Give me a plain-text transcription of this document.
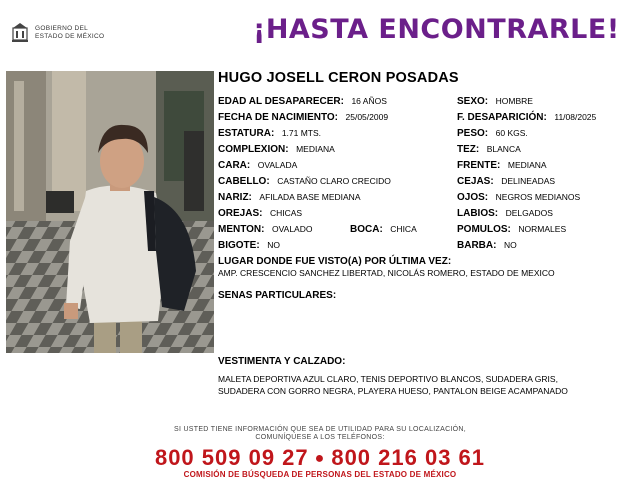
GOBIERNO DEL
ESTADO DE MÉXICO	¡HASTA ENCONTRARLE!
HUGO JOSELL CERON POSADAS
EDAD AL DESAPARECER: 16 AÑOS
FECHA DE NACIMIENTO: 25/05/2009
ESTATURA: 1.71 MTS.
COMPLEXION: MEDIANA
CARA: OVALADA
CABELLO: CASTAÑO CLARO CRECIDO
NARIZ: AFILADA BASE MEDIANA
OREJAS: CHICAS
MENTON: OVALADO	BOCA: CHICA
BIGOTE: NO
SEXO: HOMBRE
F. DESAPARICIÓN: 11/08/2025
PESO: 60 KGS.
TEZ: BLANCA
FRENTE: MEDIANA
CEJAS: DELINEADAS
OJOS: NEGROS MEDIANOS
LABIOS: DELGADOS
POMULOS: NORMALES
BARBA: NO
LUGAR DONDE FUE VISTO(A) POR ÚLTIMA VEZ:
AMP. CRESCENCIO SANCHEZ LIBERTAD, NICOLÁS ROMERO, ESTADO DE MEXICO
SENAS PARTICULARES:
VESTIMENTA Y CALZADO:
MALETA DEPORTIVA AZUL CLARO, TENIS DEPORTIVO BLANCOS, SUDADERA GRIS,
SUDADERA CON GORRO NEGRA, PLAYERA HUESO, PANTALON BEIGE ACAMPANADO
SI USTED TIENE INFORMACIÓN QUE SEA DE UTILIDAD PARA SU LOCALIZACIÓN,
COMUNÍQUESE A LOS TELÉFONOS:
800 509 09 27 ● 800 216 03 61
COMISIÓN DE BÚSQUEDA DE PERSONAS DEL ESTADO DE MÉXICO
